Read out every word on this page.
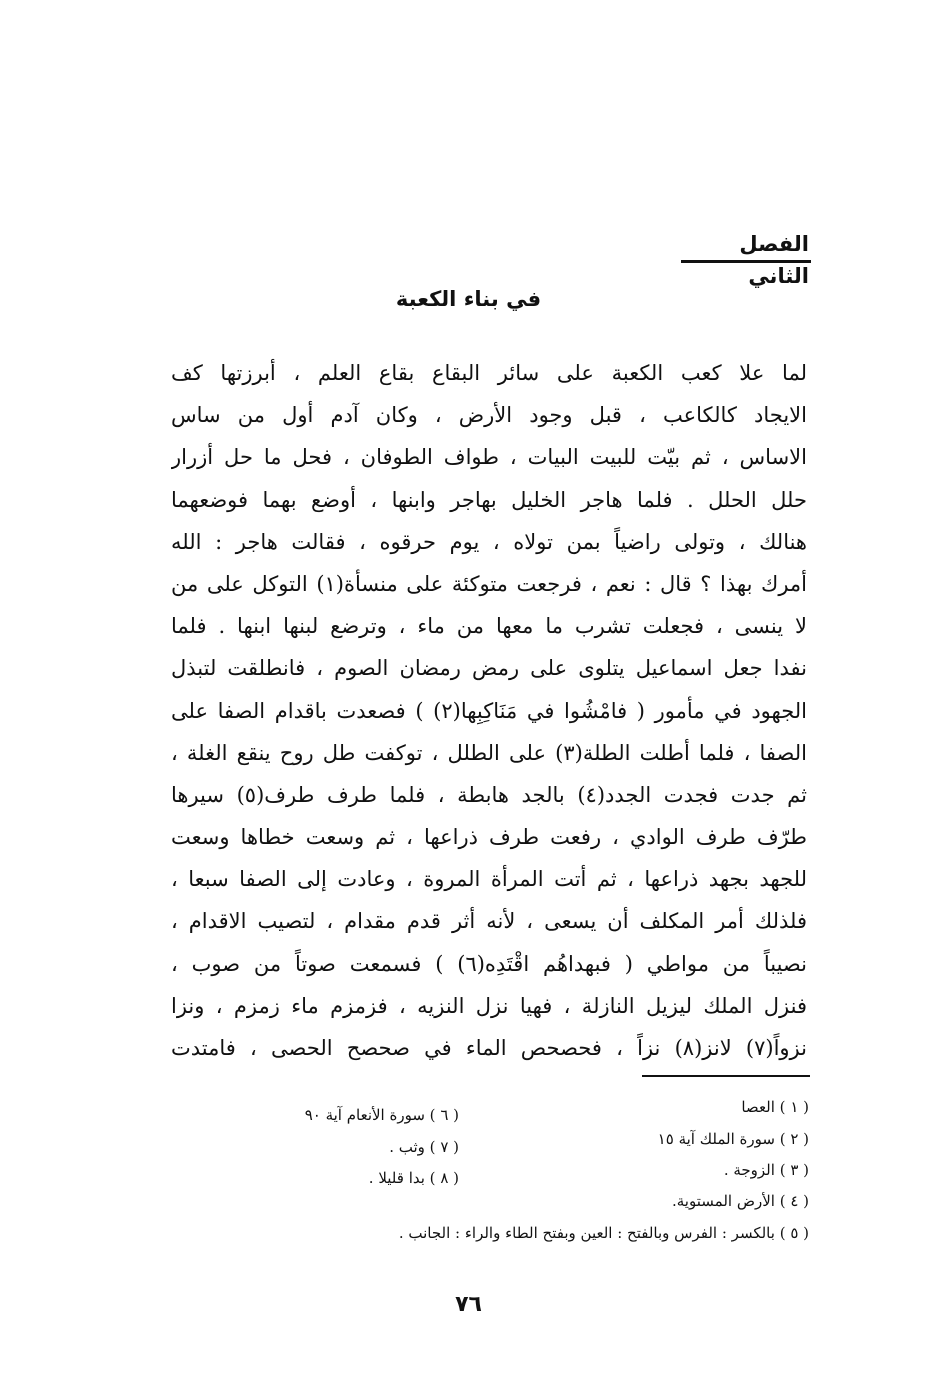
الفصل الثاني
في بناء الكعبة
لما علا كعب الكعبة على سائر البقاع بقاع العلم ، أبرزتها كف
الايجاد كالكاعب ، قبل وجود الأرض ، وكان آدم أول من ساس
الاساس ، ثم بيّت للبيت البيات ، طواف الطوفان ، فحل ما حل أزرار
حلل الحلل . فلما هاجر الخليل بهاجر وابنها ، أوضع بهما فوضعهما
هنالك ، وتولى راضياً بمن تولاه ، يوم حرقوه ، فقالت هاجر : الله
أمرك بهذا ؟ قال : نعم ، فرجعت متوكئة على منسأة(١) التوكل على من
لا ينسى ، فجعلت تشرب ما معها من ماء ، وترضع لبنها ابنها . فلما
نفدا جعل اسماعيل يتلوى على رمض رمضان الصوم ، فانطلقت لتبذل
الجهود في مأمور ( فامْشُوا في مَنَاكِبِها(٢) ) فصعدت باقدام الصفا على
الصفا ، فلما أطلت الطلة(٣) على الطلل ، توكفت طل روح ينقع الغلة ،
ثم جدت فجدت الجدد(٤) بالجد هابطة ، فلما طرف طرف(٥) سيرها
طرّف طرف الوادي ، رفعت طرف ذراعها ، ثم وسعت خطاها وسعت
للجهد بجهد ذراعها ، ثم أتت المرأة المروة ، وعادت إلى الصفا سبعا ،
فلذلك أمر المكلف أن يسعى ، لأنه أثر قدم مقدام ، لتصيب الاقدام ،
نصيباً من مواطي ( فبهداهُم اقْتَدِه(٦) ) فسمعت صوتاً من صوب ،
فنزل الملك ليزيل النازلة ، فهيا نزل النزيه ، فزمزم ماء زمزم ، ونزا
نزواً(٧) لانز(٨) نزاً ، فحصحص الماء في صحصح الحصى ، فامتدت
( ١ ) العصا
( ٢ ) سورة الملك آية ١٥
( ٣ ) الزوجة .
( ٤ ) الأرض المستوية.
( ٥ ) بالكسر : الفرس وبالفتح : العين وبفتح الطاء والراء : الجانب .
( ٦ ) سورة الأنعام آية ٩٠
( ٧ ) وثب .
( ٨ ) بدا قليلا .
٧٦
